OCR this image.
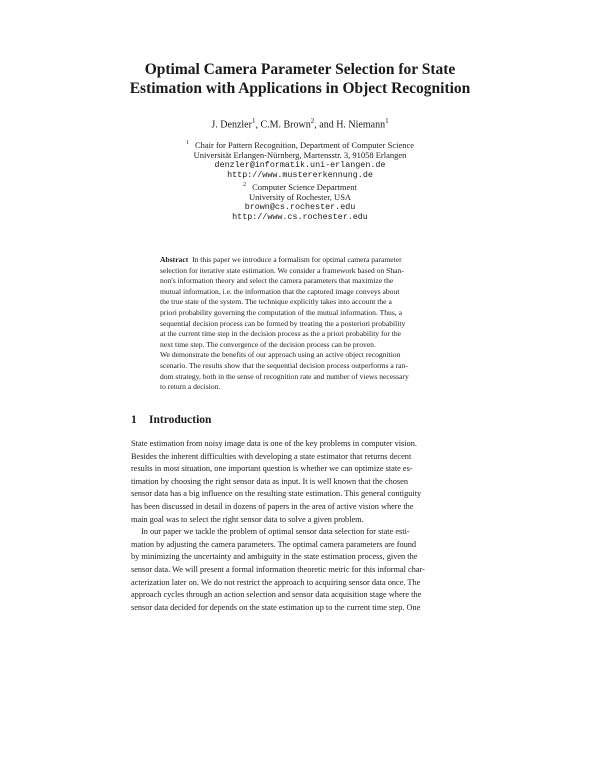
Optimal Camera Parameter Selection for State
Estimation with Applications in Object Recognition
J. Denzler$^1$, C.M. Brown$^2$, and H. Niemann$^1$
$^1$ Chair for Pattern Recognition, Department of Computer Science
Universität Erlangen-Nürnberg, Martensstr. 3, 91058 Erlangen
denzler@informatik.uni-erlangen.de
http://www.mustererkennung.de
$^2$ Computer Science Department
University of Rochester, USA
brown@cs.rochester.edu
http://www.cs.rochester.edu
Abstract In this paper we introduce a formalism for optimal camera parameter
selection for iterative state estimation. We consider a framework based on Shan-
non's information theory and select the camera parameters that maximize the
mutual information, i.e. the information that the captured image conveys about
the true state of the system. The technique explicitly takes into account the a
priori probability governing the computation of the mutual information. Thus, a
sequential decision process can be formed by treating the a posteriori probability
at the current time step in the decision process as the a priori probability for the
next time step. The convergence of the decision process can be proven.
We demonstrate the benefits of our approach using an active object recognition
scenario. The results show that the sequential decision process outperforms a ran-
dom strategy, both in the sense of recognition rate and number of views necessary
to return a decision.
1 Introduction
State estimation from noisy image data is one of the key problems in computer vision.
Besides the inherent difficulties with developing a state estimator that returns decent
results in most situation, one important question is whether we can optimize state es-
timation by choosing the right sensor data as input. It is well known that the chosen
sensor data has a big influence on the resulting state estimation. This general contiguity
has been discussed in detail in dozens of papers in the area of active vision where the
main goal was to select the right sensor data to solve a given problem.
In our paper we tackle the problem of optimal sensor data selection for state esti-
mation by adjusting the camera parameters. The optimal camera parameters are found
by minimizing the uncertainty and ambiguity in the state estimation process, given the
sensor data. We will present a formal information theoretic metric for this informal char-
acterization later on. We do not restrict the approach to acquiring sensor data once. The
approach cycles through an action selection and sensor data acquisition stage where the
sensor data decided for depends on the state estimation up to the current time step. One
